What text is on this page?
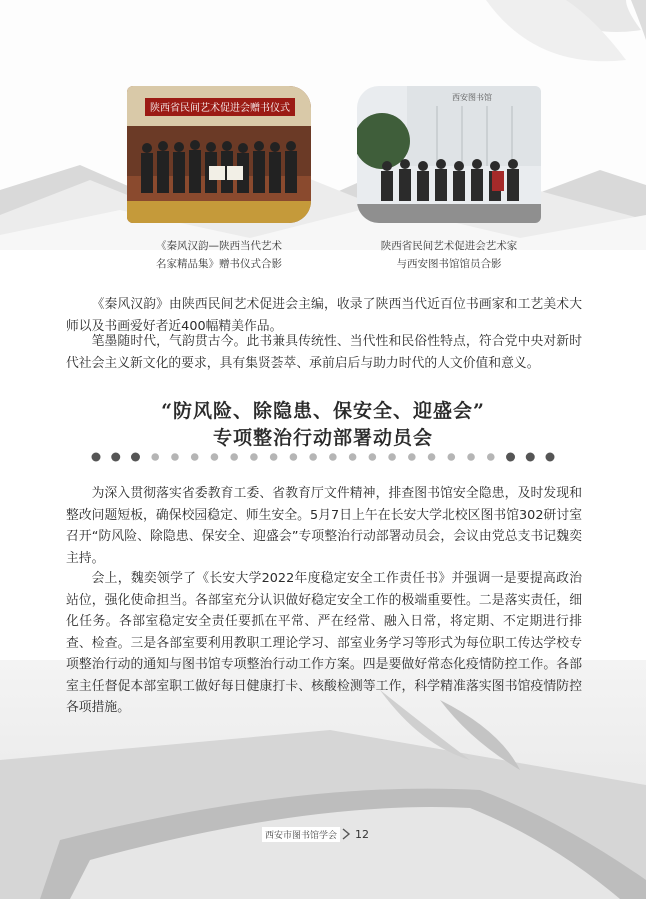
陕西省民间艺术促进会赠书仪式
西安图书馆
《秦风汉韵—陕西当代艺术
名家精品集》赠书仪式合影
陕西省民间艺术促进会艺术家
与西安图书馆馆员合影

《秦风汉韵》由陕西民间艺术促进会主编，收录了陕西当代近百位书画家和工艺美术大师以及书画爱好者近400幅精美作品。

笔墨随时代，气韵贯古今。此书兼具传统性、当代性和民俗性特点，符合党中央对新时代社会主义新文化的要求，具有集贤荟萃、承前启后与助力时代的人文价值和意义。

“防风险、除隐患、保安全、迎盛会”
专项整治行动部署动员会

为深入贯彻落实省委教育工委、省教育厅文件精神，排查图书馆安全隐患，及时发现和整改问题短板，确保校园稳定、师生安全。5月7日上午在长安大学北校区图书馆302研讨室召开“防风险、除隐患、保安全、迎盛会”专项整治行动部署动员会，会议由党总支书记魏奕主持。

会上，魏奕领学了《长安大学2022年度稳定安全工作责任书》并强调一是要提高政治站位，强化使命担当。各部室充分认识做好稳定安全工作的极端重要性。二是落实责任，细化任务。各部室稳定安全责任要抓在平常、严在经常、融入日常，将定期、不定期进行排查、检查。三是各部室要利用教职工理论学习、部室业务学习等形式为每位职工传达学校专项整治行动的通知与图书馆专项整治行动工作方案。四是要做好常态化疫情防控工作。各部室主任督促本部室职工做好每日健康打卡、核酸检测等工作，科学精准落实图书馆疫情防控各项措施。

西安市图书馆学会 12
